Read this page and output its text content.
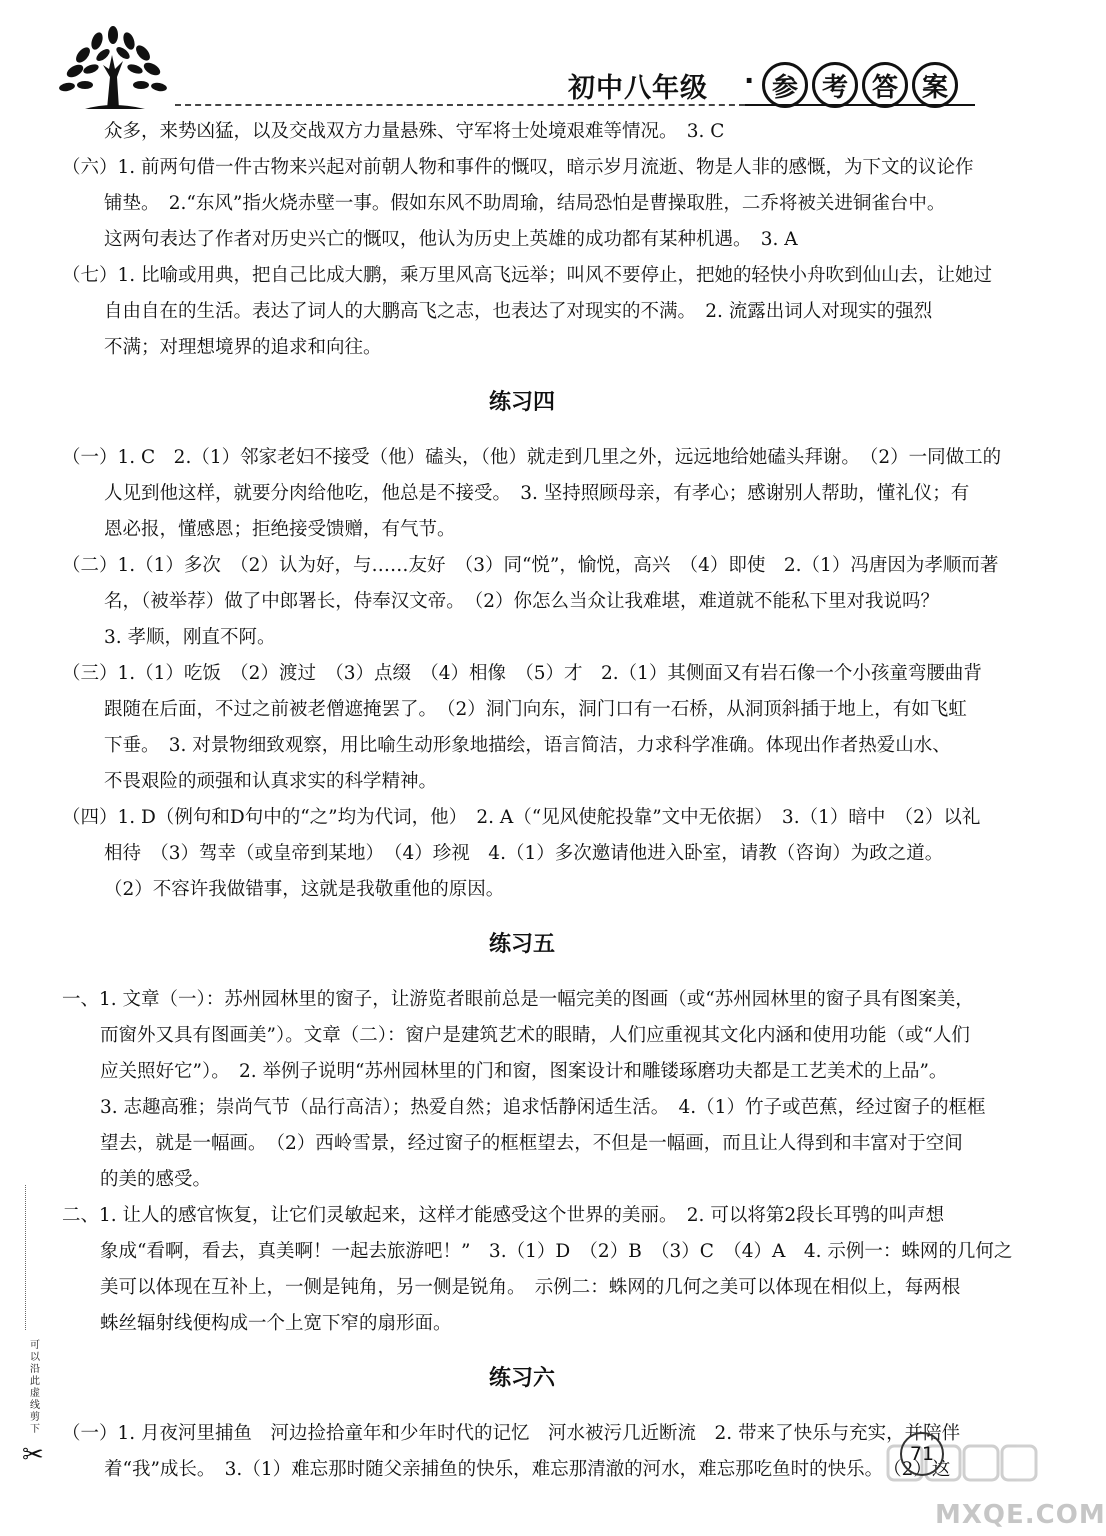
初中八年级 · 参 考 答 案
众多，来势凶猛，以及交战双方力量悬殊、守军将士处境艰难等情况。　3. C
（六）1. 前两句借一件古物来兴起对前朝人物和事件的慨叹，暗示岁月流逝、物是人非的感慨，为下文的议论作
铺垫。　2.“东风”指火烧赤壁一事。假如东风不助周瑜，结局恐怕是曹操取胜，二乔将被关进铜雀台中。
这两句表达了作者对历史兴亡的慨叹，他认为历史上英雄的成功都有某种机遇。　3. A
（七）1. 比喻或用典，把自己比成大鹏，乘万里风高飞远举；叫风不要停止，把她的轻快小舟吹到仙山去，让她过
自由自在的生活。表达了词人的大鹏高飞之志，也表达了对现实的不满。　2. 流露出词人对现实的强烈
不满；对理想境界的追求和向往。
练习四
（一）1. C　2.（1）邻家老妇不接受（他）磕头，（他）就走到几里之外，远远地给她磕头拜谢。　（2）一同做工的
人见到他这样，就要分肉给他吃，他总是不接受。　3. 坚持照顾母亲，有孝心；感谢别人帮助，懂礼仪；有
恩必报，懂感恩；拒绝接受馈赠，有气节。
（二）1.（1）多次　（2）认为好，与……友好　（3）同“悦”，愉悦，高兴　（4）即使　2.（1）冯唐因为孝顺而著
名，（被举荐）做了中郎署长，侍奉汉文帝。　（2）你怎么当众让我难堪，难道就不能私下里对我说吗？
3. 孝顺，刚直不阿。
（三）1.（1）吃饭　（2）渡过　（3）点缀　（4）相像　（5）才　2.（1）其侧面又有岩石像一个小孩童弯腰曲背
跟随在后面，不过之前被老僧遮掩罢了。　（2）洞门向东，洞门口有一石桥，从洞顶斜插于地上，有如飞虹
下垂。　3. 对景物细致观察，用比喻生动形象地描绘，语言简洁，力求科学准确。体现出作者热爱山水、
不畏艰险的顽强和认真求实的科学精神。
（四）1. D（例句和D句中的“之”均为代词，他）　2. A（“见风使舵投靠”文中无依据）　3.（1）暗中　（2）以礼
相待　（3）驾幸（或皇帝到某地）　（4）珍视　4.（1）多次邀请他进入卧室，请教（咨询）为政之道。
（2）不容许我做错事，这就是我敬重他的原因。
练习五
一、1. 文章（一）：苏州园林里的窗子，让游览者眼前总是一幅完美的图画（或“苏州园林里的窗子具有图案美，
而窗外又具有图画美”）。文章（二）：窗户是建筑艺术的眼睛，人们应重视其文化内涵和使用功能（或“人们
应关照好它”）。　2. 举例子说明“苏州园林里的门和窗，图案设计和雕镂琢磨功夫都是工艺美术的上品”。
3. 志趣高雅；崇尚气节（品行高洁）；热爱自然；追求恬静闲适生活。　4.（1）竹子或芭蕉，经过窗子的框框
望去，就是一幅画。　（2）西岭雪景，经过窗子的框框望去，不但是一幅画，而且让人得到和丰富对于空间
的美的感受。
二、1. 让人的感官恢复，让它们灵敏起来，这样才能感受这个世界的美丽。　2. 可以将第2段长耳鸮的叫声想
象成“看啊，看去，真美啊！一起去旅游吧！”　3.（1）D　（2）B　（3）C　（4）A　4. 示例一：蛛网的几何之
美可以体现在互补上，一侧是钝角，另一侧是锐角。　示例二：蛛网的几何之美可以体现在相似上，每两根
蛛丝辐射线便构成一个上宽下窄的扇形面。
练习六
（一）1. 月夜河里捕鱼　河边捡拾童年和少年时代的记忆　河水被污几近断流　2. 带来了快乐与充实，并陪伴
着“我”成长。　3.（1）难忘那时随父亲捕鱼的快乐，难忘那清澈的河水，难忘那吃鱼时的快乐。　（2）这
可以沿此虚线剪下
✂	71
MXQE.COM
